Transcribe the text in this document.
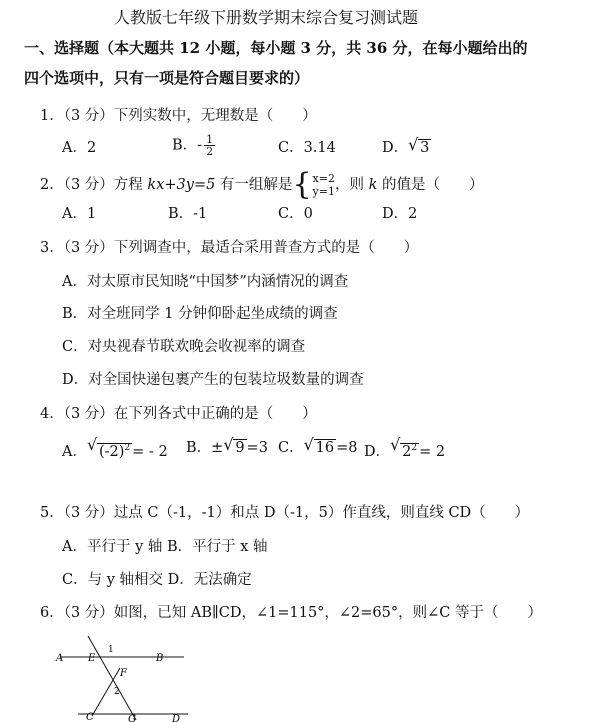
人教版七年级下册数学期末综合复习测试题
一、选择题（本大题共 12 小题，每小题 3 分，共 36 分，在每小题给出的
四个选项中，只有一项是符合题目要求的）
1．（3 分）下列实数中，无理数是（　　）
A．2	B．- $\frac{1}{2}$	C．3.14	D． √ 3
2．（3 分）方程 kx+3y=5 有一组解是 { x=2
y=1 ，则 k 的值是（　　）
A．1	B．-1	C．0	D．2
3．（3 分）下列调查中，最适合采用普查方式的是（　　）
A．对太原市民知晓“中国梦”内涵情况的调查
B．对全班同学 1 分钟仰卧起坐成绩的调查
C．对央视春节联欢晚会收视率的调查
D．对全国快递包裹产生的包装垃圾数量的调查
4．（3 分）在下列各式中正确的是（　　）
A． √ $(-2)^2$ = - 2 B．± √ 9 =3 C． √ 16 =8 D． √ $2^2 = 2$
5．（3 分）过点 C（-1，-1）和点 D（-1，5）作直线，则直线 CD（　　）
A．平行于 y 轴 B．平行于 x 轴
C．与 y 轴相交 D．无法确定
6．（3 分）如图，已知 AB∥CD，∠1=115°，∠2=65°，则∠C 等于（　　）
A E	B
1
F
2
C	G	D
